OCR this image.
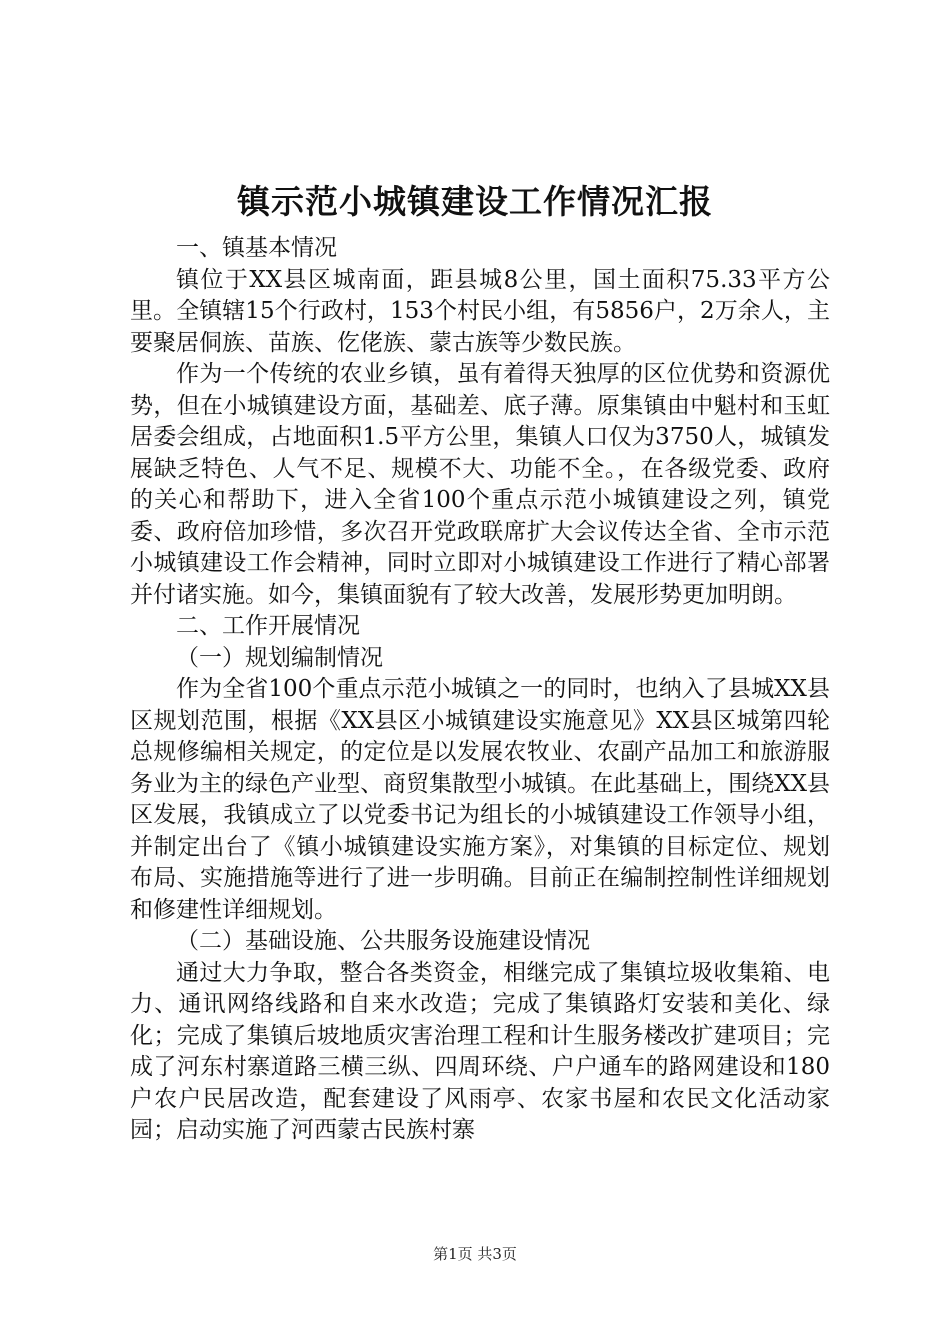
镇示范小城镇建设工作情况汇报

一、镇基本情况

镇位于XX县区城南面，距县城8公里，国土面积75.33平方公里。全镇辖15个行政村，153个村民小组，有5856户，2万余人，主要聚居侗族、苗族、仡佬族、蒙古族等少数民族。

作为一个传统的农业乡镇，虽有着得天独厚的区位优势和资源优势，但在小城镇建设方面，基础差、底子薄。原集镇由中魁村和玉虹居委会组成，占地面积1.5平方公里，集镇人口仅为3750人，城镇发展缺乏特色、人气不足、规模不大、功能不全。，在各级党委、政府的关心和帮助下，进入全省100个重点示范小城镇建设之列，镇党委、政府倍加珍惜，多次召开党政联席扩大会议传达全省、全市示范小城镇建设工作会精神，同时立即对小城镇建设工作进行了精心部署并付诸实施。如今，集镇面貌有了较大改善，发展形势更加明朗。

二、工作开展情况

（一）规划编制情况

作为全省100个重点示范小城镇之一的同时，也纳入了县城XX县区规划范围，根据《XX县区小城镇建设实施意见》XX县区城第四轮总规修编相关规定，的定位是以发展农牧业、农副产品加工和旅游服务业为主的绿色产业型、商贸集散型小城镇。在此基础上，围绕XX县区发展，我镇成立了以党委书记为组长的小城镇建设工作领导小组，并制定出台了《镇小城镇建设实施方案》，对集镇的目标定位、规划布局、实施措施等进行了进一步明确。目前正在编制控制性详细规划和修建性详细规划。

（二）基础设施、公共服务设施建设情况

通过大力争取，整合各类资金，相继完成了集镇垃圾收集箱、电力、通讯网络线路和自来水改造；完成了集镇路灯安装和美化、绿化；完成了集镇后坡地质灾害治理工程和计生服务楼改扩建项目；完成了河东村寨道路三横三纵、四周环绕、户户通车的路网建设和180户农户民居改造，配套建设了风雨亭、农家书屋和农民文化活动家园；启动实施了河西蒙古民族村寨

第1页 共3页
